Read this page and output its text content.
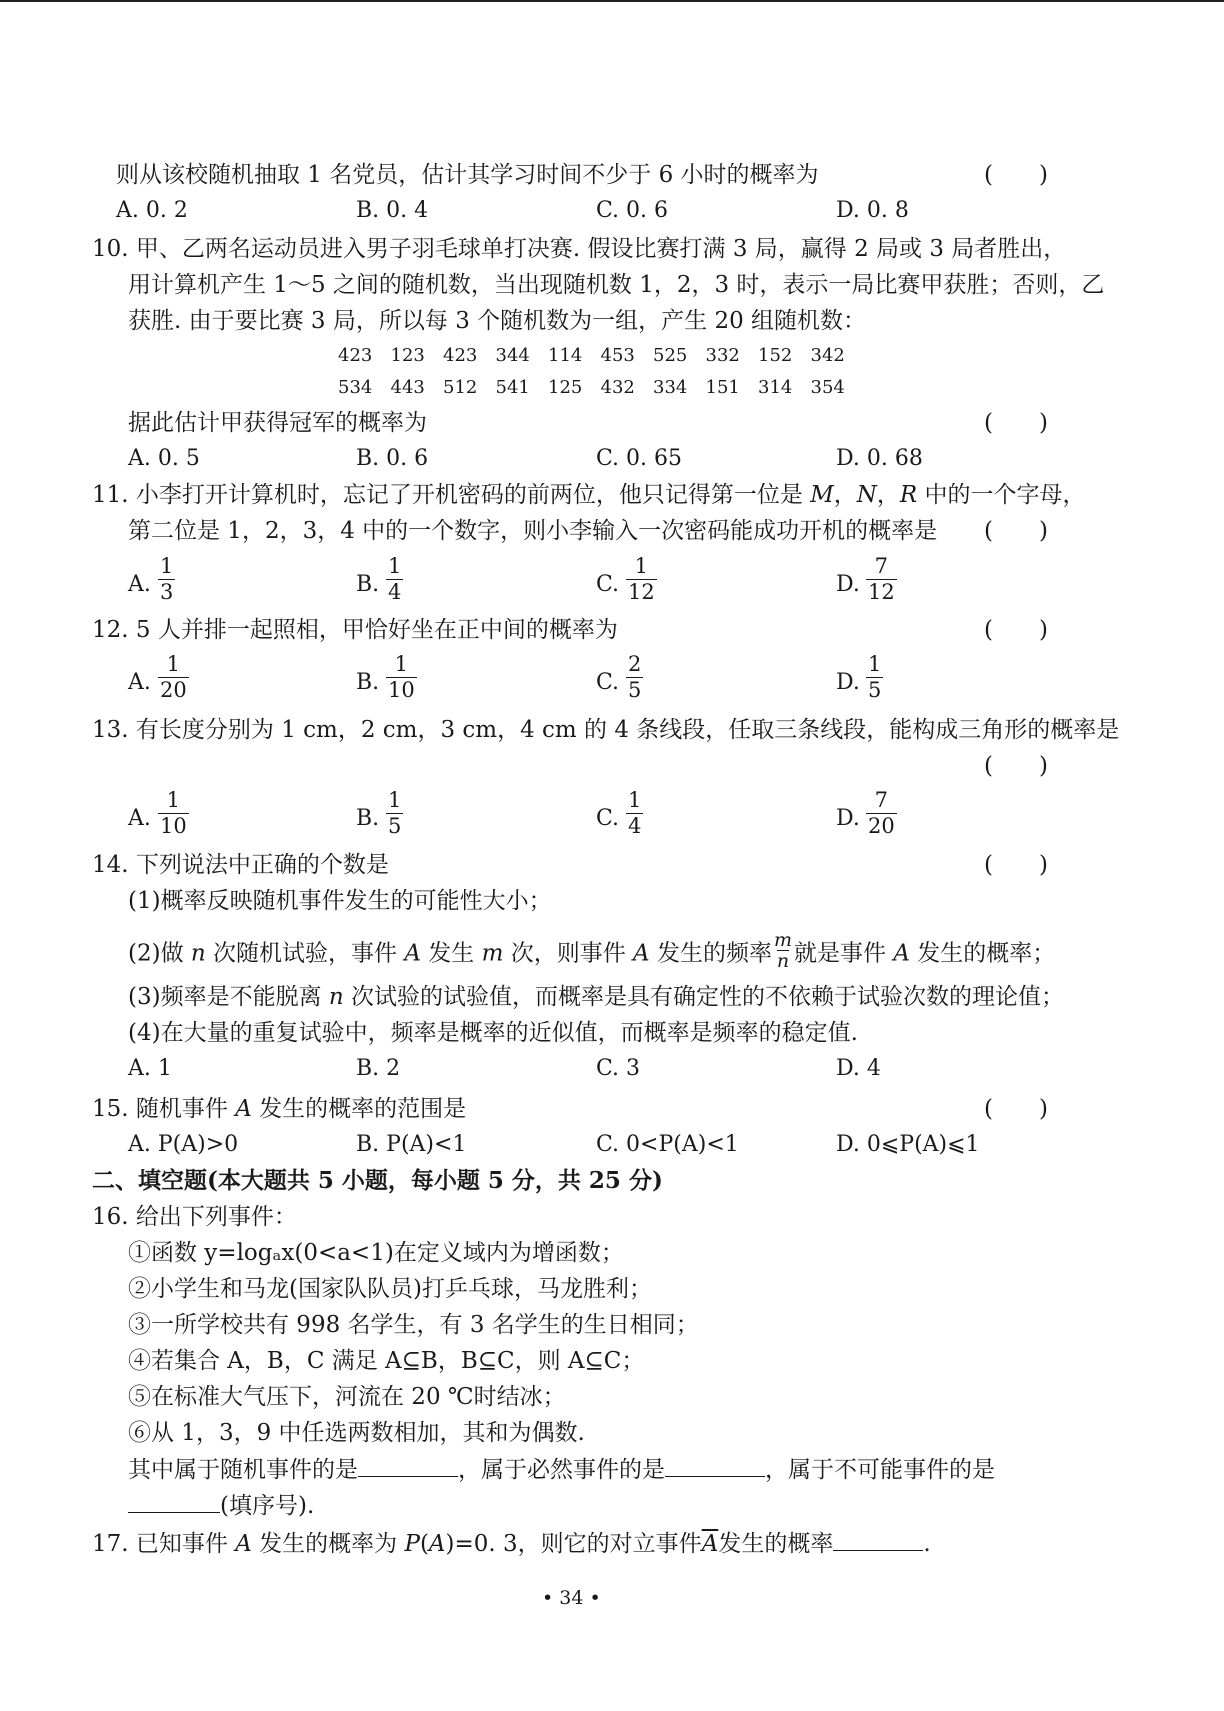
则从该校随机抽取 1 名党员，估计其学习时间不少于 6 小时的概率为	(　　)
A. 0. 2	B. 0. 4	C. 0. 6	D. 0. 8
10. 甲、乙两名运动员进入男子羽毛球单打决赛. 假设比赛打满 3 局，赢得 2 局或 3 局者胜出，
用计算机产生 1～5 之间的随机数，当出现随机数 1，2，3 时，表示一局比赛甲获胜；否则，乙
获胜. 由于要比赛 3 局，所以每 3 个随机数为一组，产生 20 组随机数：
423 123 423 344 114 453 525 332 152 342
534 443 512 541 125 432 334 151 314 354
据此估计甲获得冠军的概率为	(　　)
A. 0. 5	B. 0. 6	C. 0. 65	D. 0. 68
11. 小李打开计算机时，忘记了开机密码的前两位，他只记得第一位是 M，N，R 中的一个字母，
第二位是 1，2，3，4 中的一个数字，则小李输入一次密码能成功开机的概率是 (　　)
A. $\frac{1}{3}$	B. $\frac{1}{4}$	C. $\frac{1}{12}$	D. $\frac{7}{12}$
12. 5 人并排一起照相，甲恰好坐在正中间的概率为	(　　)
A. $\frac{1}{20}$	B. $\frac{1}{10}$	C. $\frac{2}{5}$	D. $\frac{1}{5}$
13. 有长度分别为 1 cm，2 cm，3 cm，4 cm 的 4 条线段，任取三条线段，能构成三角形的概率是
(　　)
A. $\frac{1}{10}$	B. $\frac{1}{5}$	C. $\frac{1}{4}$	D. $\frac{7}{20}$
14. 下列说法中正确的个数是	(　　)
(1)概率反映随机事件发生的可能性大小；
(2)做 n 次随机试验，事件 A 发生 m 次，则事件 A 发生的频率 $\frac{m}{n}$ 就是事件 A 发生的概率；
(3)频率是不能脱离 n 次试验的试验值，而概率是具有确定性的不依赖于试验次数的理论值；
(4)在大量的重复试验中，频率是概率的近似值，而概率是频率的稳定值.
A. 1	B. 2	C. 3	D. 4
15. 随机事件 A 发生的概率的范围是	(　　)
A. P(A)>0	B. P(A)<1	C. 0<P(A)<1	D. 0⩽P(A)⩽1
二、填空题(本大题共 5 小题，每小题 5 分，共 25 分)
16. 给出下列事件：
①函数 y=logₐx(0<a<1)在定义域内为增函数；
②小学生和马龙(国家队队员)打乒乓球，马龙胜利；
③一所学校共有 998 名学生，有 3 名学生的生日相同；
④若集合 A，B，C 满足 A⊆B，B⊆C，则 A⊆C；
⑤在标准大气压下，河流在 20 ℃时结冰；
⑥从 1，3，9 中任选两数相加，其和为偶数.
其中属于随机事件的是	，属于必然事件的是	，属于不可能事件的是
(填序号).
17. 已知事件 A 发生的概率为 P(A)=0. 3，则它的对立事件$\overline{A}$发生的概率	.
• 34 •
